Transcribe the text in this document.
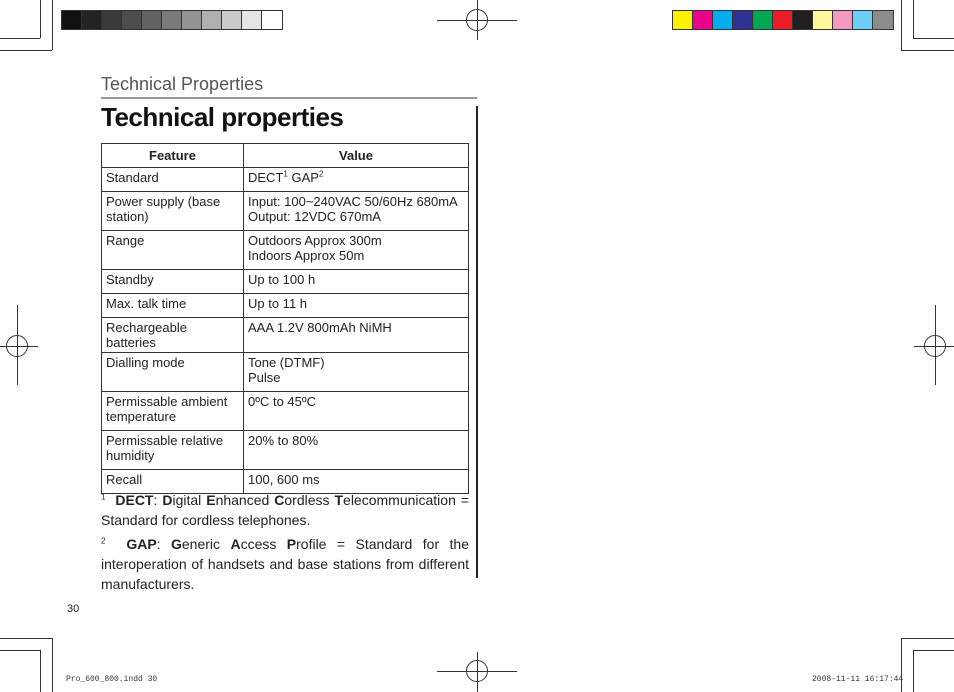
Technical Properties
Technical properties
Feature	Value
Standard	DECT$^1$ GAP$^2$

Power supply (base
station)	Input: 100~240VAC 50/60Hz 680mA
Output: 12VDC 670mA

Range	Outdoors Approx 300m
Indoors Approx 50m

Standby	Up to 100 h
Max. talk time	Up to 11 h
Rechargeable batteries	AAA 1.2V 800mAh NiMH
Dialling mode	Tone (DTMF)
Pulse

Permissable ambient
temperature	0ºC to 45ºC

Permissable relative
humidity	20% to 80%
Recall	100, 600 ms
$^1$ DECT: Digital Enhanced Cordless Telecommunication = Standard for cordless telephones.
$^2$ GAP: Generic Access Profile = Standard for the interoperation of handsets and base stations from different manufacturers.
30
Pro_600_800.indd 30	2008-11-11 16:17:44
